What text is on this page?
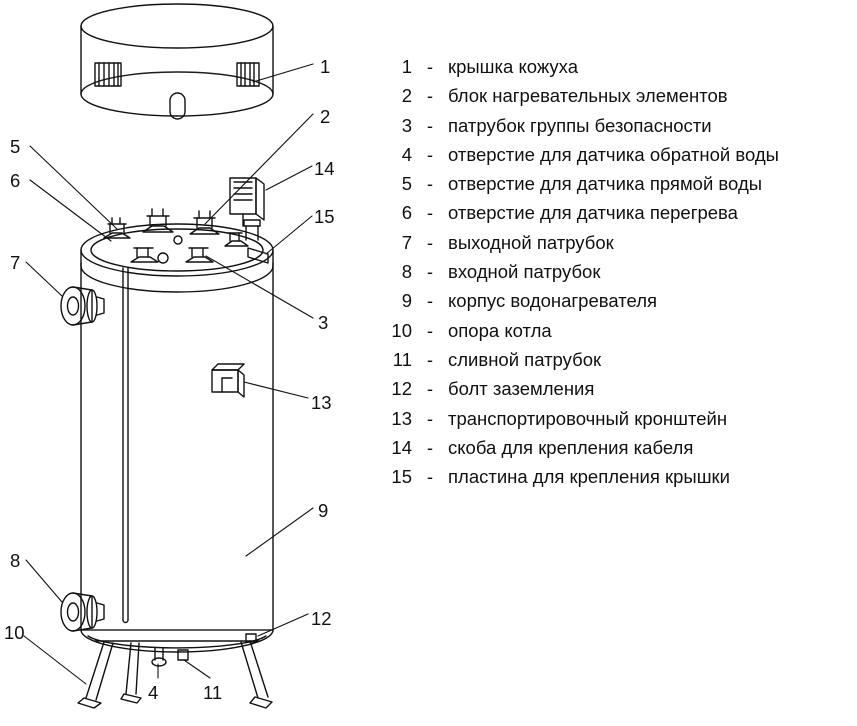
1
2
5
14
6
15
3
7
13
9
8
12
10
4 11
1 - крышка кожуха
2 - блок нагревательных элементов
3 - патрубок группы безопасности
4 - отверстие для датчика обратной воды
5 - отверстие для датчика прямой воды
6 - отверстие для датчика перегрева
7 - выходной патрубок
8 - входной патрубок
9 - корпус водонагревателя
10 - опора котла
11 - сливной патрубок
12 - болт заземления
13 - транспортировочный кронштейн
14 - скоба для крепления кабеля
15 - пластина для крепления крышки
